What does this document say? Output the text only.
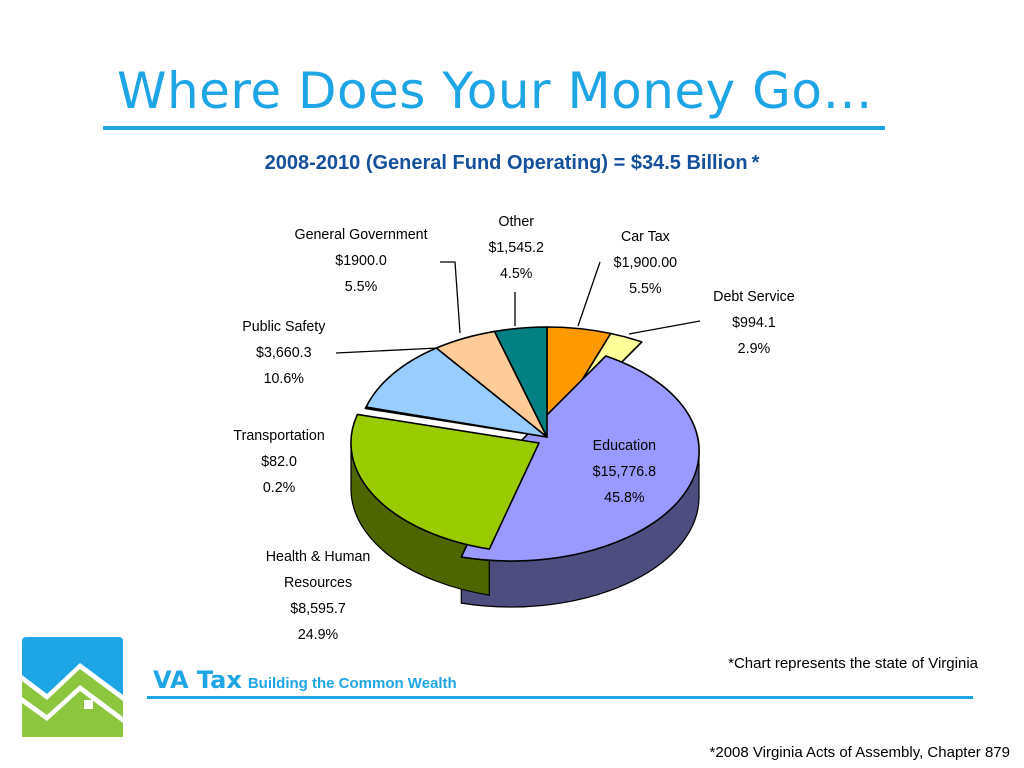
Where Does Your Money Go…
2008-2010 (General Fund Operating) = $34.5 Billion *
Car Tax
$1,900.00
5.5%	Debt Service
$994.1
2.9%
Education
$15,776.8
45.8%
Health & Human
Resources
$8,595.7
24.9%
Transportation
$82.0
0.2%
Public Safety
$3,660.3
10.6%
General Government
$1900.0
5.5%
Other
$1,545.2
4.5%
*Chart represents the state of Virginia
VA Tax Building the Common Wealth
*2008 Virginia Acts of Assembly, Chapter 879
